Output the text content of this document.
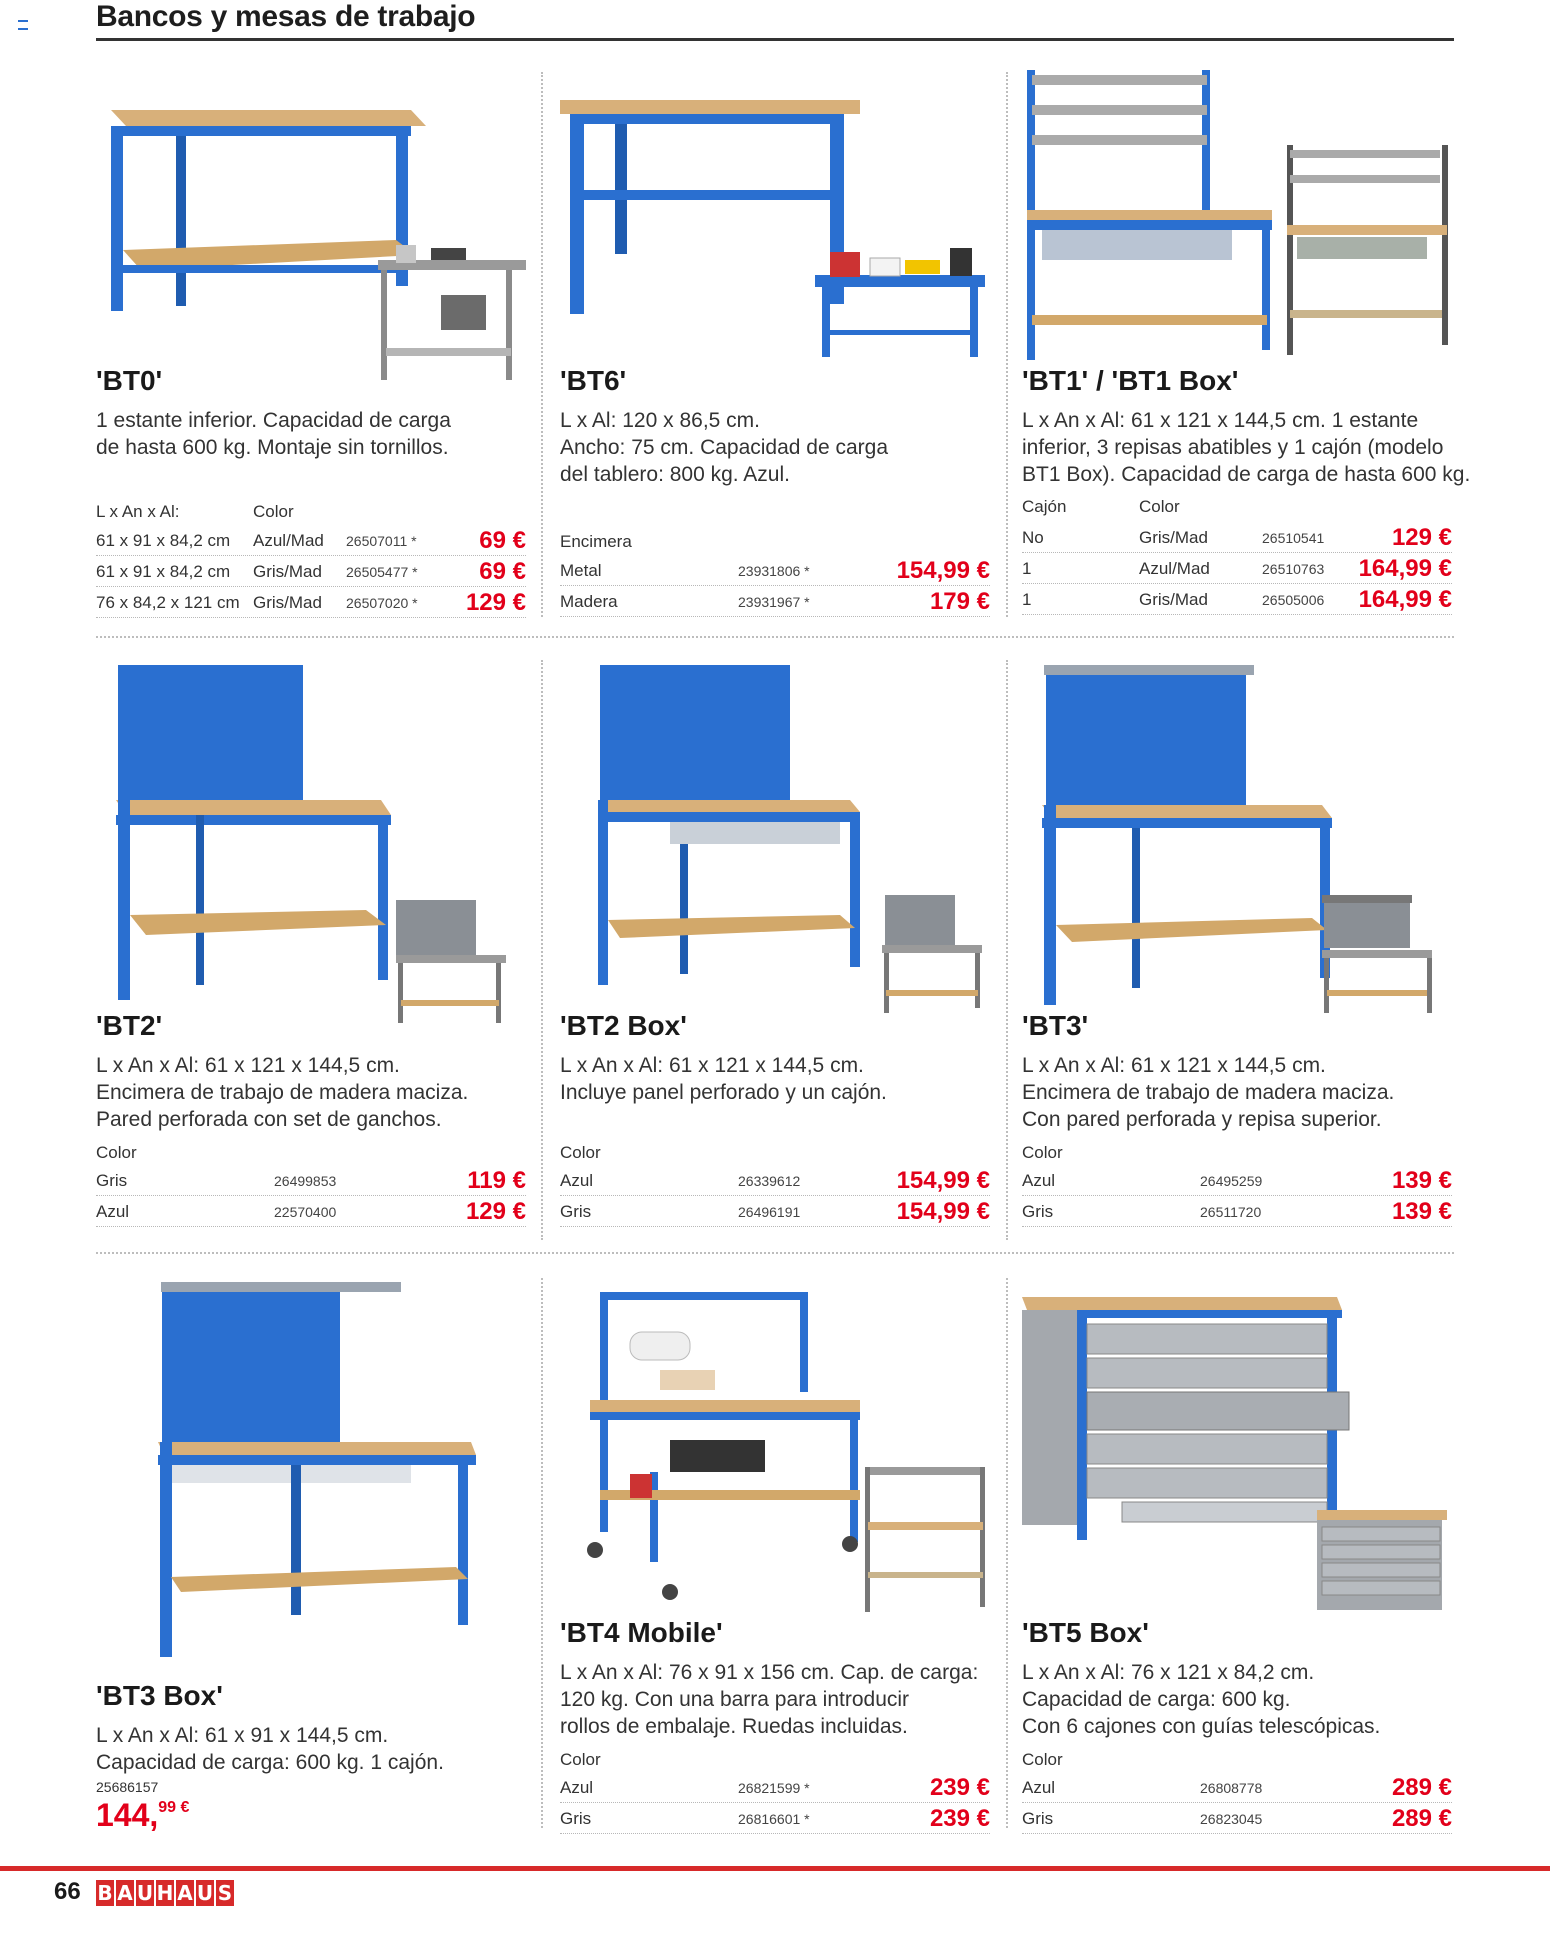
Bancos y mesas de trabajo
'BT0'
1 estante inferior. Capacidad de carga
de hasta 600 kg. Montaje sin tornillos.
L x An x Al:	Color
61 x 91 x 84,2 cm Azul/Mad 26507011 *	69 €
61 x 91 x 84,2 cm Gris/Mad 26505477 *	69 €
76 x 84,2 x 121 cm Gris/Mad 26507020 * 129 €
'BT6'
L x Al: 120 x 86,5 cm.
Ancho: 75 cm. Capacidad de carga
del tablero: 800 kg. Azul.
Encimera
Metal	23931806 *	154,99 €
Madera	23931967 *	179 €
'BT1' / 'BT1 Box'
L x An x Al: 61 x 121 x 144,5 cm. 1 estante
inferior, 3 repisas abatibles y 1 cajón (modelo
BT1 Box). Capacidad de carga de hasta 600 kg.
Cajón	Color
No	Gris/Mad	26510541	129 €
1	Azul/Mad	26510763 164,99 €
1	Gris/Mad	26505006 164,99 €
'BT2'
L x An x Al: 61 x 121 x 144,5 cm.
Encimera de trabajo de madera maciza.
Pared perforada con set de ganchos.
Color
Gris	26499853	119 €
Azul	22570400	129 €
'BT2 Box'
L x An x Al: 61 x 121 x 144,5 cm.
Incluye panel perforado y un cajón.
Color
Azul	26339612	154,99 €
Gris	26496191	154,99 €
'BT3'
L x An x Al: 61 x 121 x 144,5 cm.
Encimera de trabajo de madera maciza.
Con pared perforada y repisa superior.
Color
Azul	26495259	139 €
Gris	26511720	139 €
'BT3 Box'
L x An x Al: 61 x 91 x 144,5 cm.
Capacidad de carga: 600 kg. 1 cajón.
25686157
144,$^{99 €}$
'BT4 Mobile'
L x An x Al: 76 x 91 x 156 cm. Cap. de carga:
120 kg. Con una barra para introducir
rollos de embalaje. Ruedas incluidas.
Color
Azul	26821599 *	239 €
Gris	26816601 *	239 €
'BT5 Box'
L x An x Al: 76 x 121 x 84,2 cm.
Capacidad de carga: 600 kg.
Con 6 cajones con guías telescópicas.
Color
Azul	26808778	289 €
Gris	26823045	289 €
66 B A U H A U S
